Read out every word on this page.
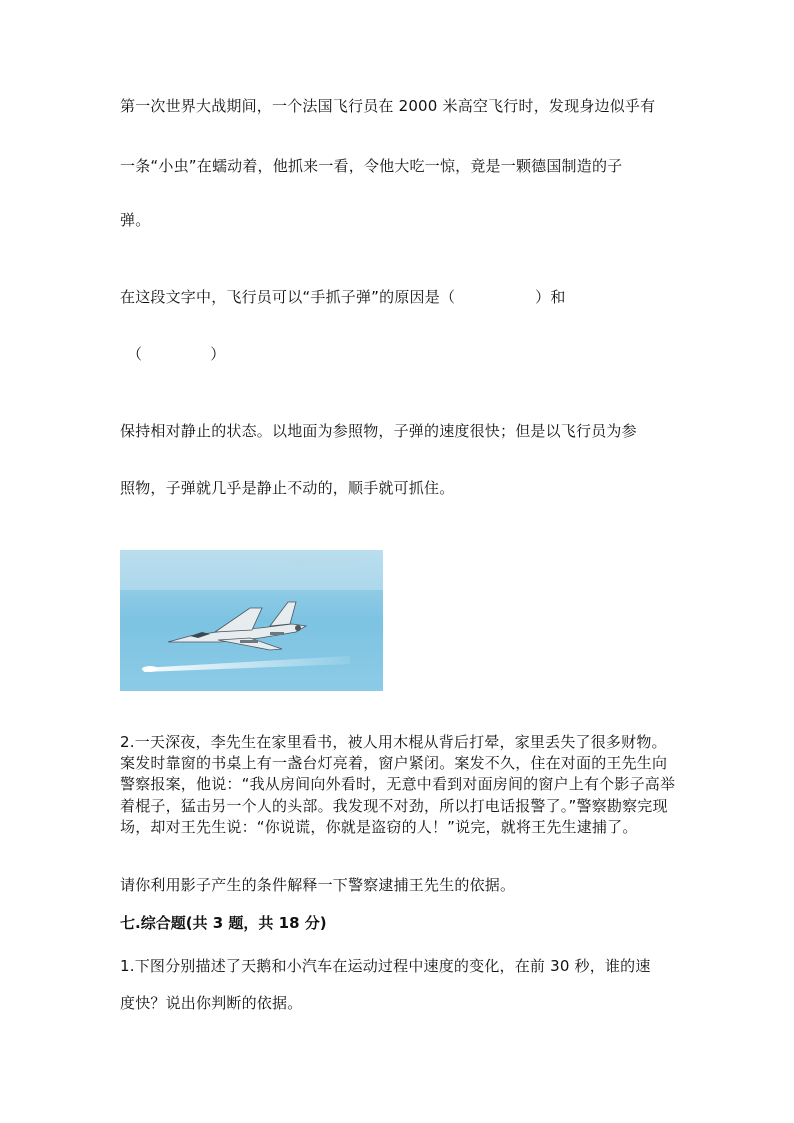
第一次世界大战期间，一个法国飞行员在 2000 米高空飞行时，发现身边似乎有
一条“小虫”在蠕动着，他抓来一看，令他大吃一惊，竟是一颗德国制造的子
弹。
在这段文字中，飞行员可以“手抓子弹”的原因是（	）和
（	）
保持相对静止的状态。以地面为参照物，子弹的速度很快；但是以飞行员为参
照物，子弹就几乎是静止不动的，顺手就可抓住。
2.一天深夜，李先生在家里看书，被人用木棍从背后打晕，家里丢失了很多财物。案发时靠窗的书桌上有一盏台灯亮着，窗户紧闭。案发不久，住在对面的王先生向警察报案，他说：“我从房间向外看时，无意中看到对面房间的窗户上有个影子高举着棍子，猛击另一个人的头部。我发现不对劲，所以打电话报警了。”警察勘察完现场，却对王先生说：“你说谎，你就是盗窃的人！”说完，就将王先生逮捕了。
请你利用影子产生的条件解释一下警察逮捕王先生的依据。
七.综合题(共 3 题，共 18 分)
1.下图分别描述了天鹅和小汽车在运动过程中速度的变化，在前 30 秒，谁的速
度快？说出你判断的依据。
